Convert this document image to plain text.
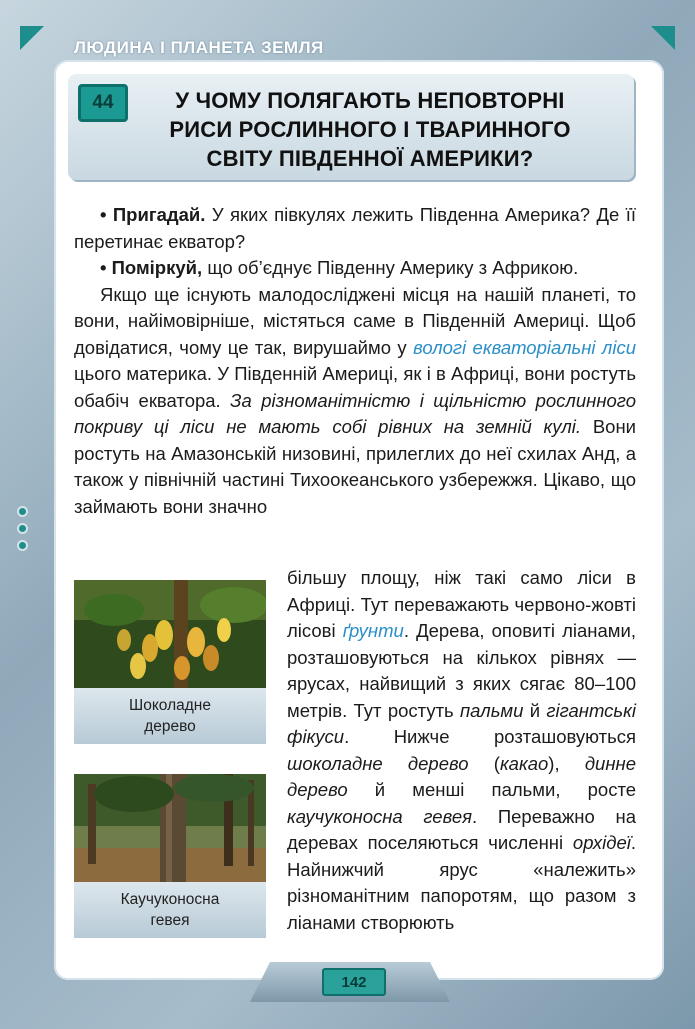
ЛЮДИНА І ПЛАНЕТА ЗЕМЛЯ
44	У ЧОМУ ПОЛЯГАЮТЬ НЕПОВТОРНІ
РИСИ РОСЛИННОГО І ТВАРИННОГО
СВІТУ ПІВДЕННОЇ АМЕРИКИ?

• Пригадай. У яких півкулях лежить Південна Америка? Де її перетинає екватор?

• Поміркуй, що об’єднує Південну Америку з Африкою.

Якщо ще існують малодосліджені місця на нашій планеті, то вони, найімовірніше, містяться саме в Південній Америці. Щоб довідатися, чому це так, вирушаймо у вологі екваторіальні ліси цього материка. У Південній Америці, як і в Африці, вони ростуть обабіч екватора. За різноманітністю і щільністю рослинного покриву ці ліси не мають собі рівних на земній кулі. Вони ростуть на Амазонській низовині, прилеглих до неї схилах Анд, а також у північній частині Тихоокеанського узбережжя. Цікаво, що займають вони значно

більшу площу, ніж такі само ліси в Африці. Тут переважають червоно-жовті лісові ґрунти. Дерева, оповиті ліанами, розташовуються на кількох рівнях — ярусах, найвищий з яких сягає 80–100 метрів. Тут ростуть пальми й гігантські фікуси. Нижче розташовуються шоколадне дерево (какао), динне дерево й менші пальми, росте каучуконосна гевея. Переважно на деревах поселяються численні орхідеї. Найнижчий ярус «належить» різноманітним папоротям, що разом з ліанами створюють

Шоколадне
дерево
Каучуконосна
гевея
142
